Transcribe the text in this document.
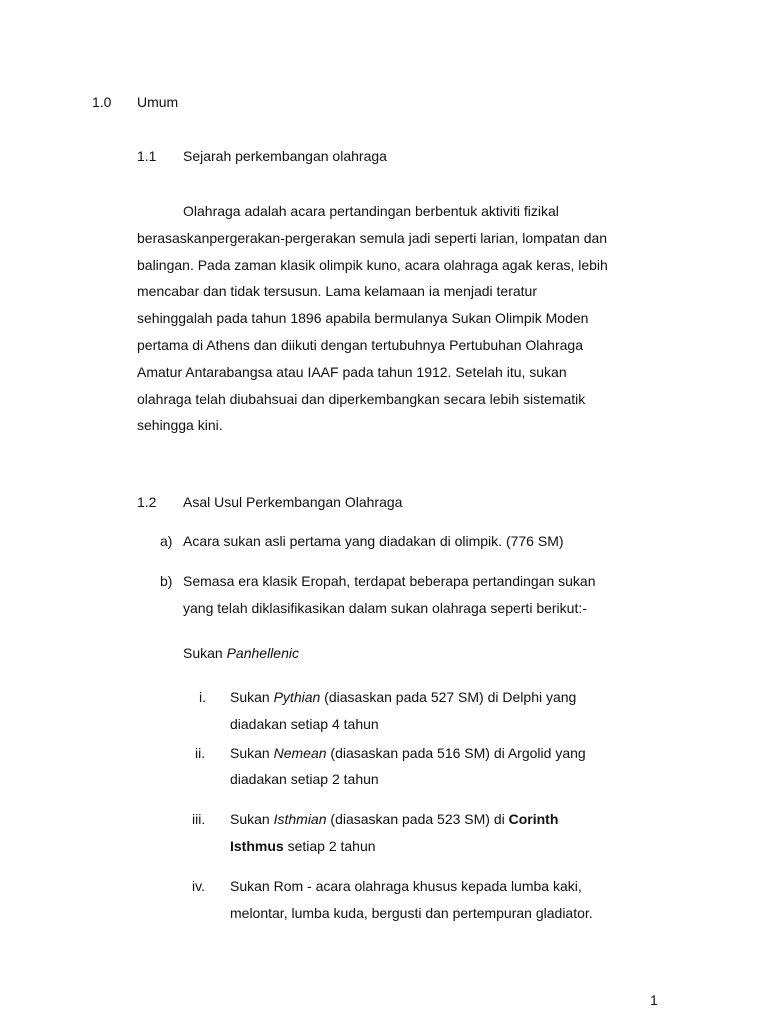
1.0 Umum
1.1 Sejarah perkembangan olahraga
Olahraga adalah acara pertandingan berbentuk aktiviti fizikal
berasaskanpergerakan-pergerakan semula jadi seperti larian, lompatan dan
balingan. Pada zaman klasik olimpik kuno, acara olahraga agak keras, lebih
mencabar dan tidak tersusun. Lama kelamaan ia menjadi teratur
sehinggalah pada tahun 1896 apabila bermulanya Sukan Olimpik Moden
pertama di Athens dan diikuti dengan tertubuhnya Pertubuhan Olahraga
Amatur Antarabangsa atau IAAF pada tahun 1912. Setelah itu, sukan
olahraga telah diubahsuai dan diperkembangkan secara lebih sistematik
sehingga kini.
1.2 Asal Usul Perkembangan Olahraga
a) Acara sukan asli pertama yang diadakan di olimpik. (776 SM)
b) Semasa era klasik Eropah, terdapat beberapa pertandingan sukan
yang telah diklasifikasikan dalam sukan olahraga seperti berikut:-
Sukan Panhellenic
i. Sukan Pythian (diasaskan pada 527 SM) di Delphi yang
diadakan setiap 4 tahun
ii. Sukan Nemean (diasaskan pada 516 SM) di Argolid yang
diadakan setiap 2 tahun
iii. Sukan Isthmian (diasaskan pada 523 SM) di Corinth
Isthmus setiap 2 tahun
iv. Sukan Rom - acara olahraga khusus kepada lumba kaki,
melontar, lumba kuda, bergusti dan pertempuran gladiator.
1
